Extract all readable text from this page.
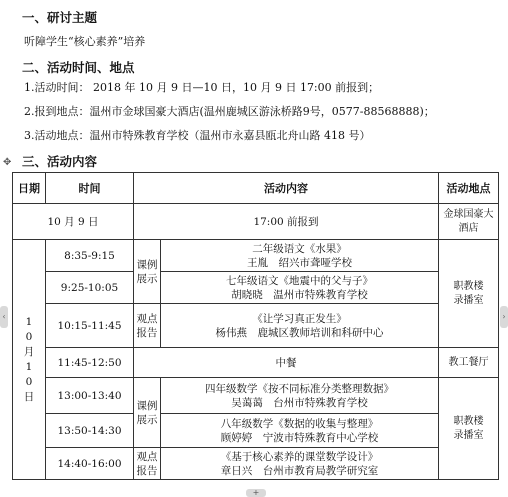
一、研讨主题
听障学生“核心素养”培养
二、活动时间、地点
1.活动时间： 2018 年 10 月 9 日—10 日，10 月 9 日 17:00 前报到；
2.报到地点：温州市金球国豪大酒店(温州鹿城区游泳桥路9号，0577-88568888)；
3.活动地点：温州市特殊教育学校（温州市永嘉县瓯北舟山路 418 号）
✥ 三、活动内容
‹	›
日期	时间	活动内容		活动地点
10 月 9 日		17:00 前报到		金球国豪大酒店
10月10日	8:35-9:15	课例展示	二年级语文《水果》
王胤　绍兴市聋哑学校	职教楼录播室
	9:25-10:05		七年级语文《地震中的父与子》
胡晓晓　温州市特殊教育学校	

	10:15-11:45	观点报告	《让学习真正发生》
杨伟燕　鹿城区教师培训和科研中心	

	11:45-12:50	中餐		教工餐厅
	13:00-13:40	课例展示	四年级数学《按不同标准分类整理数据》
吴蔼蔼　台州市特殊教育学校	职教楼录播室
	13:50-14:30		八年级数学《数据的收集与整理》
顾婷婷　宁波市特殊教育中心学校	

	14:40-16:00	观点报告	《基于核心素养的课堂数学设计》
章日兴　台州市教育局教学研究室	
+
